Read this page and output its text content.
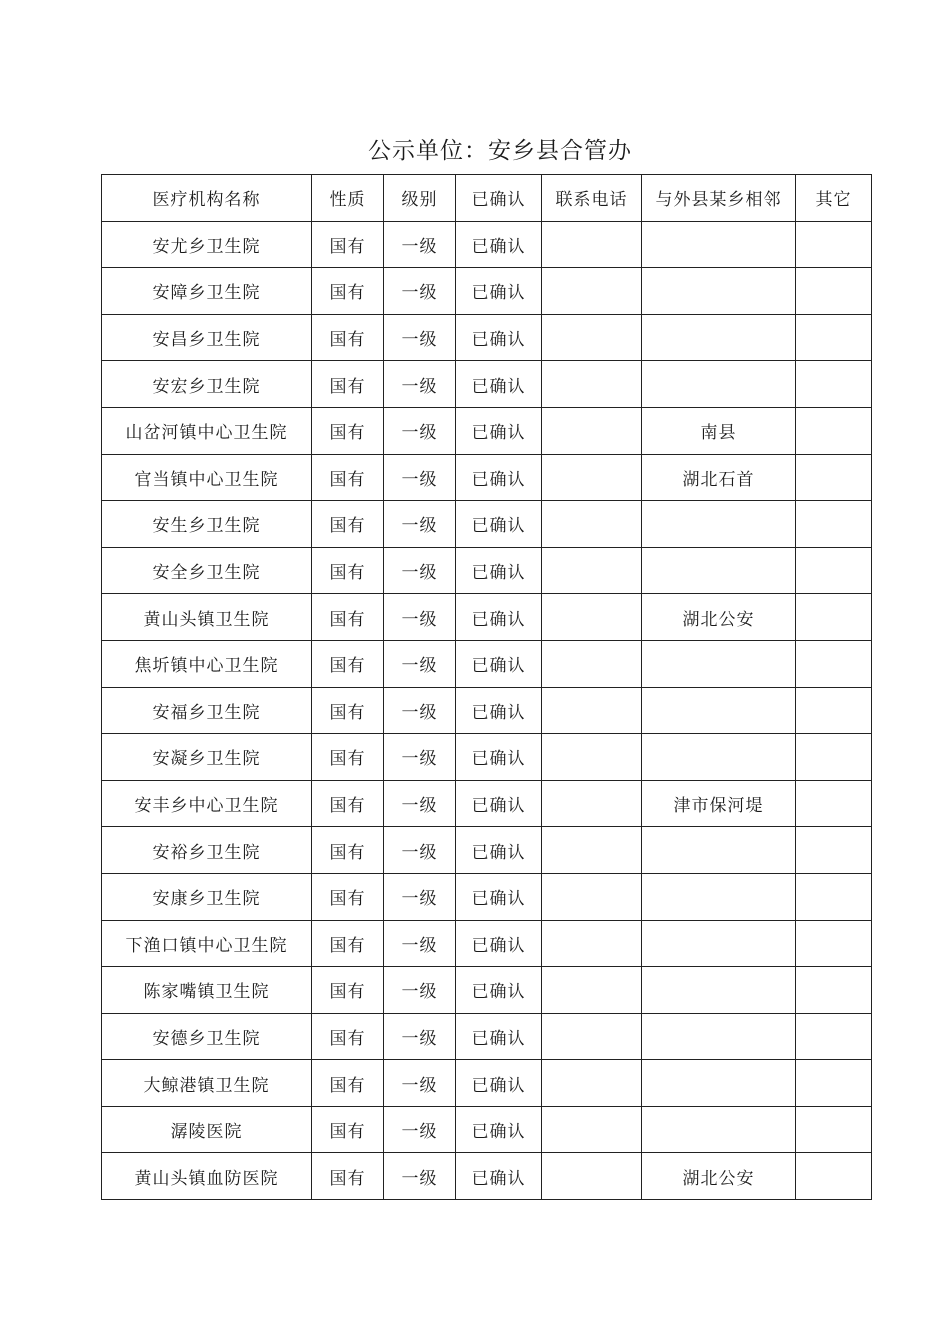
公示单位：安乡县合管办
医疗机构名称	性质	级别	已确认	联系电话	与外县某乡相邻	其它
安尤乡卫生院	国有	一级	已确认			
安障乡卫生院	国有	一级	已确认			
安昌乡卫生院	国有	一级	已确认			
安宏乡卫生院	国有	一级	已确认			
山岔河镇中心卫生院	国有	一级	已确认		南县	
官当镇中心卫生院	国有	一级	已确认		湖北石首	
安生乡卫生院	国有	一级	已确认			
安全乡卫生院	国有	一级	已确认			
黄山头镇卫生院	国有	一级	已确认		湖北公安	
焦圻镇中心卫生院	国有	一级	已确认			
安福乡卫生院	国有	一级	已确认			
安凝乡卫生院	国有	一级	已确认			
安丰乡中心卫生院	国有	一级	已确认		津市保河堤	
安裕乡卫生院	国有	一级	已确认			
安康乡卫生院	国有	一级	已确认			
下渔口镇中心卫生院	国有	一级	已确认			
陈家嘴镇卫生院	国有	一级	已确认			
安德乡卫生院	国有	一级	已确认			
大鲸港镇卫生院	国有	一级	已确认			
潺陵医院	国有	一级	已确认			
黄山头镇血防医院	国有	一级	已确认		湖北公安	
